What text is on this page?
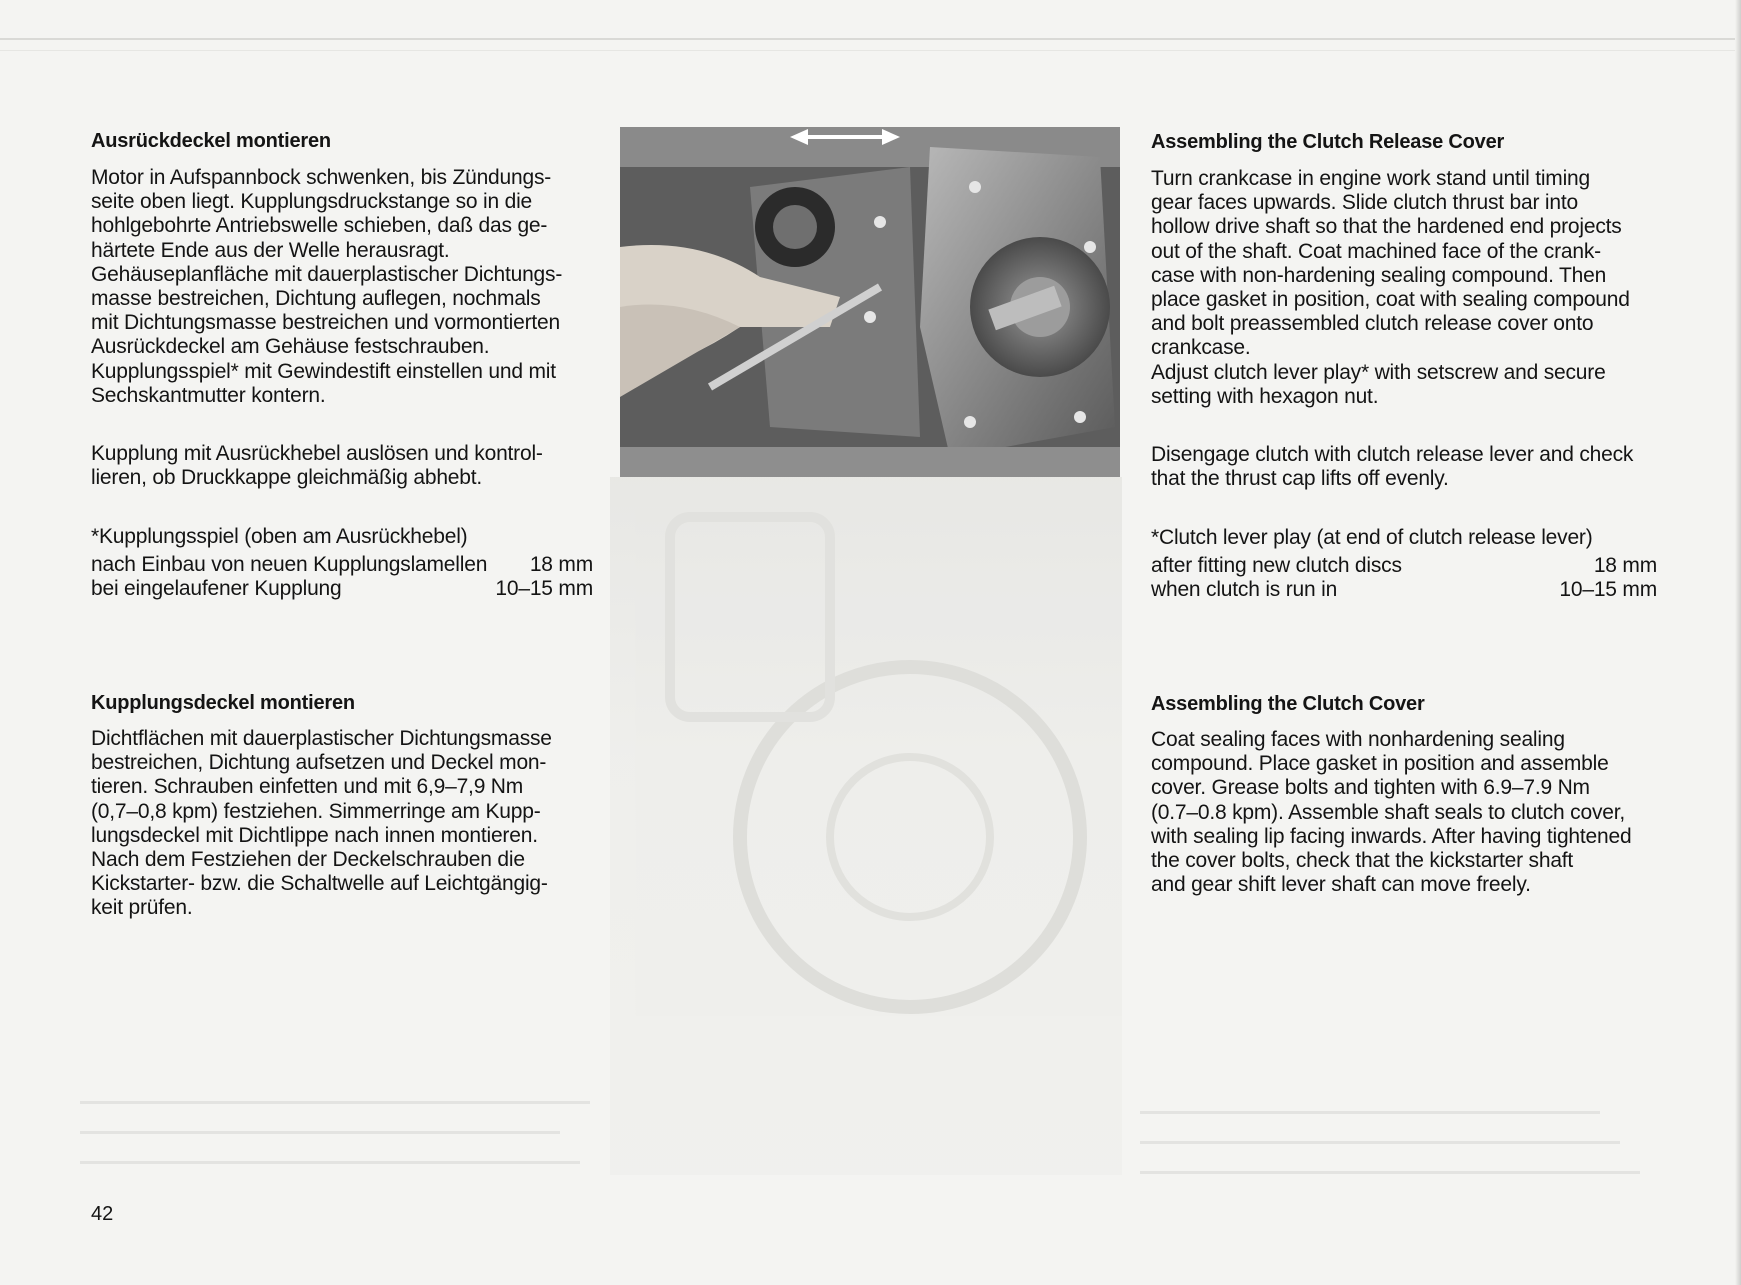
Ausrückdeckel montieren

Motor in Aufspannbock schwenken, bis Zündungs-

seite oben liegt. Kupplungsdruckstange so in die

hohlgebohrte Antriebswelle schieben, daß das ge-

härtete Ende aus der Welle herausragt.

Gehäuseplanfläche mit dauerplastischer Dichtungs-

masse bestreichen, Dichtung auflegen, nochmals

mit Dichtungsmasse bestreichen und vormontierten

Ausrückdeckel am Gehäuse festschrauben.

Kupplungsspiel* mit Gewindestift einstellen und mit

Sechskantmutter kontern.

Kupplung mit Ausrückhebel auslösen und kontrol-

lieren, ob Druckkappe gleichmäßig abhebt.

*Kupplungsspiel (oben am Ausrückhebel)

nach Einbau von neuen Kupplungslamellen 18 mm
bei eingelaufener Kupplung	10–15 mm
Kupplungsdeckel montieren

Dichtflächen mit dauerplastischer Dichtungsmasse

bestreichen, Dichtung aufsetzen und Deckel mon-

tieren. Schrauben einfetten und mit 6,9–7,9 Nm

(0,7–0,8 kpm) festziehen. Simmerringe am Kupp-

lungsdeckel mit Dichtlippe nach innen montieren.

Nach dem Festziehen der Deckelschrauben die

Kickstarter- bzw. die Schaltwelle auf Leichtgängig-

keit prüfen.

Assembling the Clutch Release Cover

Turn crankcase in engine work stand until timing

gear faces upwards. Slide clutch thrust bar into

hollow drive shaft so that the hardened end projects

out of the shaft. Coat machined face of the crank-

case with non-hardening sealing compound. Then

place gasket in position, coat with sealing compound

and bolt preassembled clutch release cover onto

crankcase.

Adjust clutch lever play* with setscrew and secure

setting with hexagon nut.

Disengage clutch with clutch release lever and check

that the thrust cap lifts off evenly.

*Clutch lever play (at end of clutch release lever)

after fitting new clutch discs	18 mm
when clutch is run in	10–15 mm
Assembling the Clutch Cover

Coat sealing faces with nonhardening sealing

compound. Place gasket in position and assemble

cover. Grease bolts and tighten with 6.9–7.9 Nm

(0.7–0.8 kpm). Assemble shaft seals to clutch cover,

with sealing lip facing inwards. After having tightened

the cover bolts, check that the kickstarter shaft

and gear shift lever shaft can move freely.

42
